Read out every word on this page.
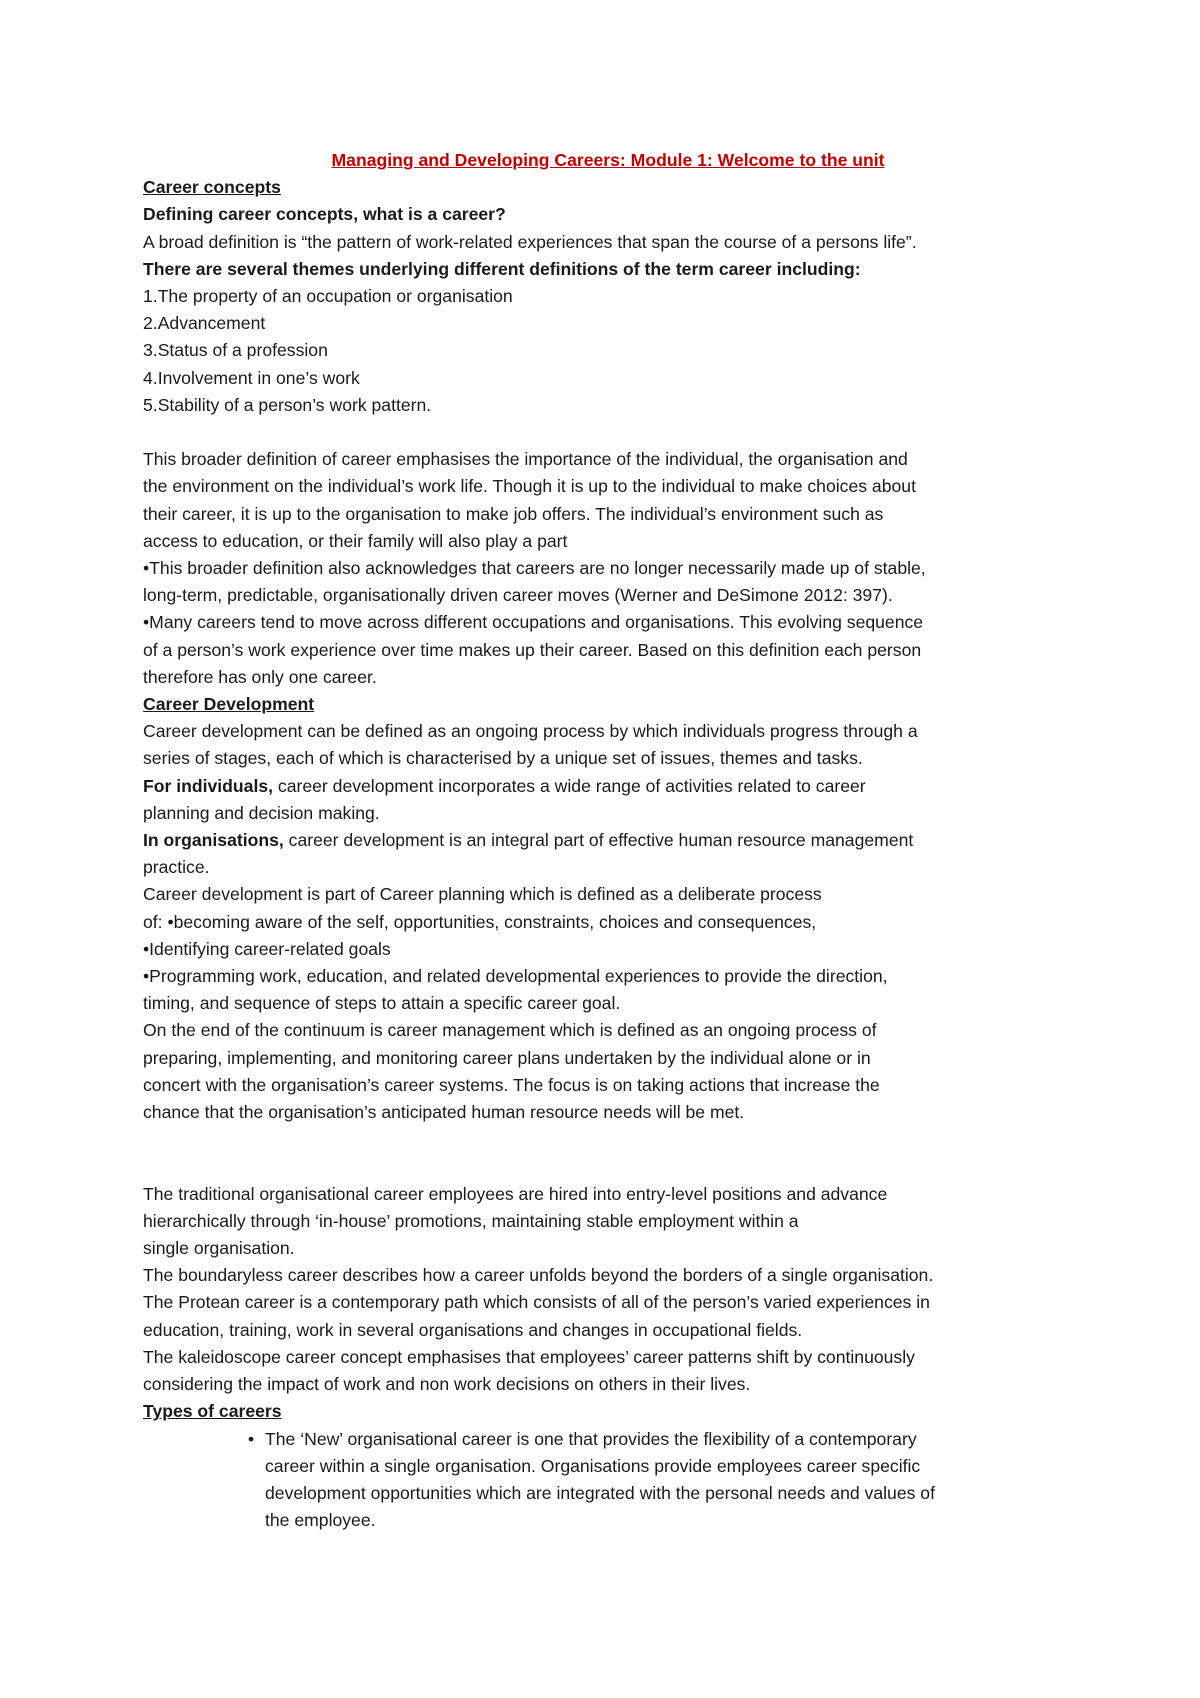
Managing and Developing Careers: Module 1: Welcome to the unit
Career concepts
Defining career concepts, what is a career?
A broad definition is “the pattern of work-related experiences that span the course of a persons life”.
There are several themes underlying different definitions of the term career including:
1.The property of an occupation or organisation
2.Advancement
3.Status of a profession
4.Involvement in one’s work
5.Stability of a person’s work pattern.
This broader definition of career emphasises the importance of the individual, the organisation and
the environment on the individual’s work life. Though it is up to the individual to make choices about
their career, it is up to the organisation to make job offers. The individual’s environment such as
access to education, or their family will also play a part
•This broader definition also acknowledges that careers are no longer necessarily made up of stable,
long-term, predictable, organisationally driven career moves (Werner and DeSimone 2012: 397).
•Many careers tend to move across different occupations and organisations. This evolving sequence
of a person’s work experience over time makes up their career. Based on this definition each person
therefore has only one career.
Career Development
Career development can be defined as an ongoing process by which individuals progress through a
series of stages, each of which is characterised by a unique set of issues, themes and tasks.
For individuals, career development incorporates a wide range of activities related to career
planning and decision making.
In organisations, career development is an integral part of effective human resource management
practice.
Career development is part of Career planning which is defined as a deliberate process
of: •becoming aware of the self, opportunities, constraints, choices and consequences,
•Identifying career-related goals
•Programming work, education, and related developmental experiences to provide the direction,
timing, and sequence of steps to attain a specific career goal.
On the end of the continuum is career management which is defined as an ongoing process of
preparing, implementing, and monitoring career plans undertaken by the individual alone or in
concert with the organisation’s career systems. The focus is on taking actions that increase the
chance that the organisation’s anticipated human resource needs will be met.
The traditional organisational career employees are hired into entry-level positions and advance
hierarchically through ‘in-house’ promotions, maintaining stable employment within a
single organisation.
The boundaryless career describes how a career unfolds beyond the borders of a single organisation.
The Protean career is a contemporary path which consists of all of the person’s varied experiences in
education, training, work in several organisations and changes in occupational fields.
The kaleidoscope career concept emphasises that employees’ career patterns shift by continuously
considering the impact of work and non work decisions on others in their lives.
Types of careers
• The ‘New’ organisational career is one that provides the flexibility of a contemporary
career within a single organisation. Organisations provide employees career specific
development opportunities which are integrated with the personal needs and values of
the employee.
